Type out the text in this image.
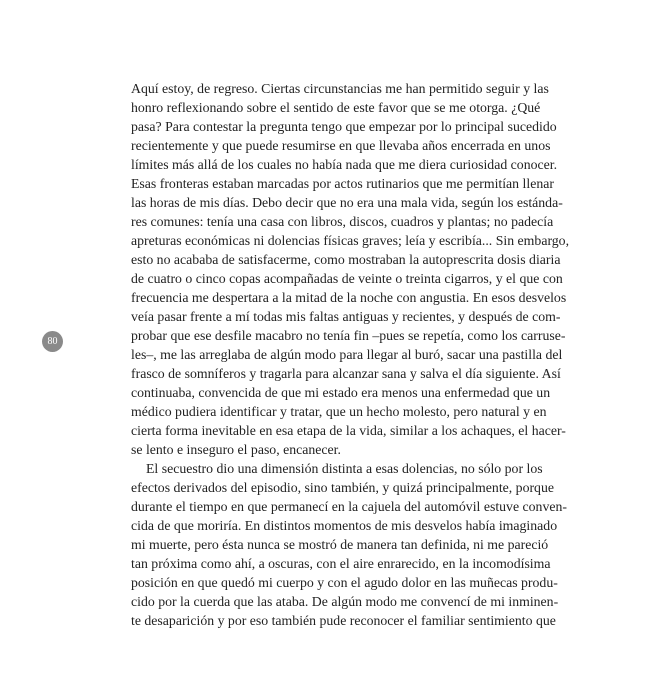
80
Aquí estoy, de regreso. Ciertas circunstancias me han permitido seguir y las
honro reflexionando sobre el sentido de este favor que se me otorga. ¿Qué
pasa? Para contestar la pregunta tengo que empezar por lo principal sucedido
recientemente y que puede resumirse en que llevaba años encerrada en unos
límites más allá de los cuales no había nada que me diera curiosidad conocer.
Esas fronteras estaban marcadas por actos rutinarios que me permitían llenar
las horas de mis días. Debo decir que no era una mala vida, según los estánda-
res comunes: tenía una casa con libros, discos, cuadros y plantas; no padecía
apreturas económicas ni dolencias físicas graves; leía y escribía... Sin embargo,
esto no acababa de satisfacerme, como mostraban la autoprescrita dosis diaria
de cuatro o cinco copas acompañadas de veinte o treinta cigarros, y el que con
frecuencia me despertara a la mitad de la noche con angustia. En esos desvelos
veía pasar frente a mí todas mis faltas antiguas y recientes, y después de com-
probar que ese desfile macabro no tenía fin –pues se repetía, como los carruse-
les–, me las arreglaba de algún modo para llegar al buró, sacar una pastilla del
frasco de somníferos y tragarla para alcanzar sana y salva el día siguiente. Así
continuaba, convencida de que mi estado era menos una enfermedad que un
médico pudiera identificar y tratar, que un hecho molesto, pero natural y en
cierta forma inevitable en esa etapa de la vida, similar a los achaques, el hacer-
se lento e inseguro el paso, encanecer.
El secuestro dio una dimensión distinta a esas dolencias, no sólo por los
efectos derivados del episodio, sino también, y quizá principalmente, porque
durante el tiempo en que permanecí en la cajuela del automóvil estuve conven-
cida de que moriría. En distintos momentos de mis desvelos había imaginado
mi muerte, pero ésta nunca se mostró de manera tan definida, ni me pareció
tan próxima como ahí, a oscuras, con el aire enrarecido, en la incomodísima
posición en que quedó mi cuerpo y con el agudo dolor en las muñecas produ-
cido por la cuerda que las ataba. De algún modo me convencí de mi inminen-
te desaparición y por eso también pude reconocer el familiar sentimiento que
